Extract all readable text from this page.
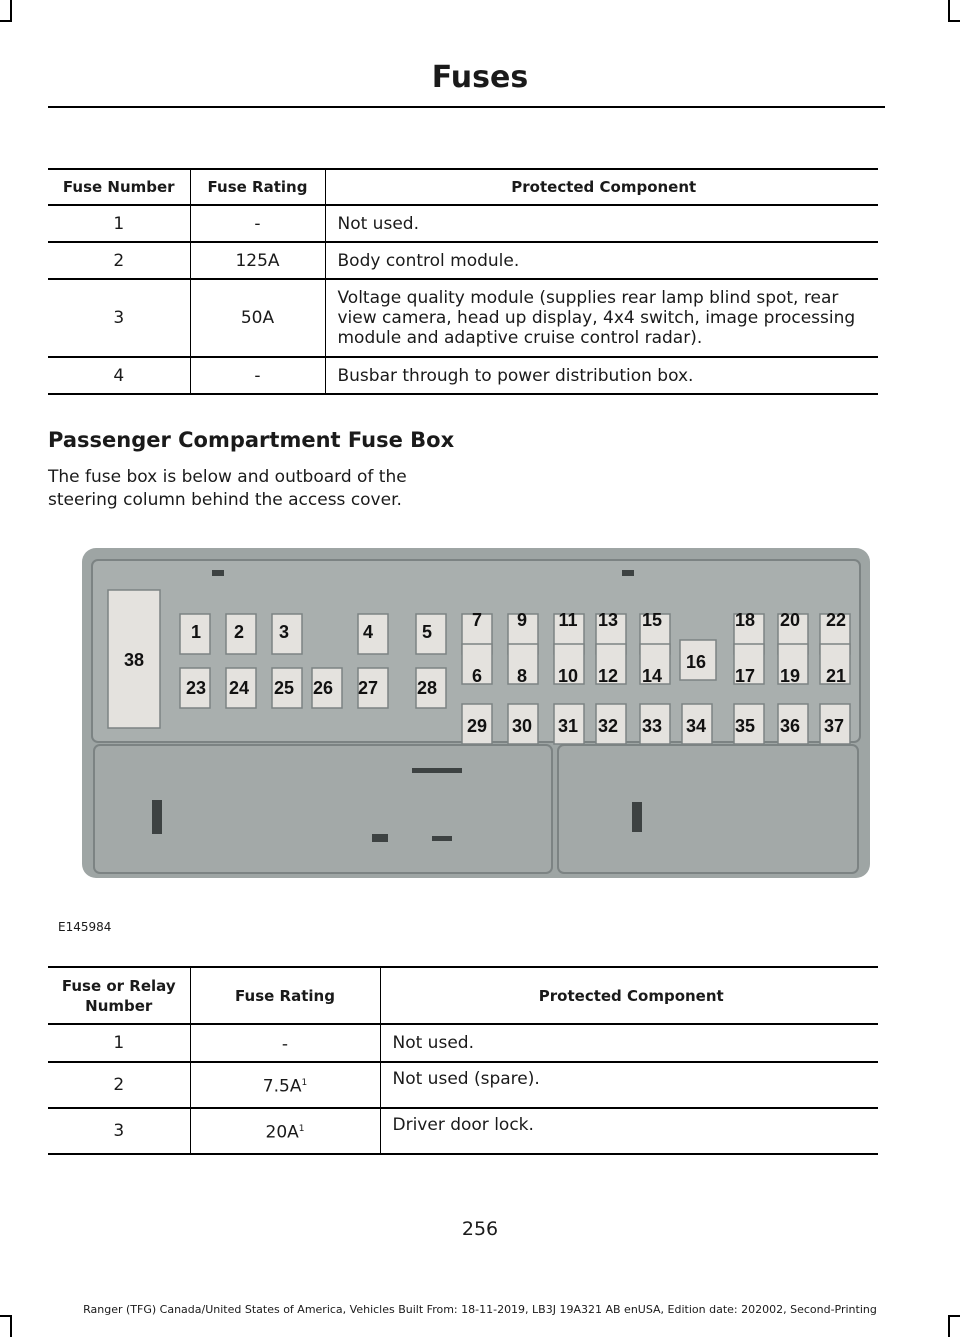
Fuses
Fuse Number	Fuse Rating	Protected Component
1	-	Not used.
2	125A	Body control module.
3	50A	Voltage quality module (supplies rear lamp blind spot, rear view camera, head up display, 4x4 switch, image processing module and adaptive cruise control radar).
4	-	Busbar through to power distribution box.
Passenger Compartment Fuse Box

The fuse box is below and outboard of the steering column behind the access cover.

38
1 2 3	4	5
7 9 11 13 15	18 20 22
16
6 8 10 12 14	17 19 21
23 24 25 26 27 28
29 30 31 32 33 34 35 36 37

E145984

Fuse or Relay Number	Fuse Rating	Protected Component
1	-	Not used.
2	$7.5A^1$	Not used (spare).
3	$20A^1$	Driver door lock.

256

Ranger (TFG) Canada/United States of America, Vehicles Built From: 18-11-2019, LB3J 19A321 AB enUSA, Edition date: 202002, Second-Printing
